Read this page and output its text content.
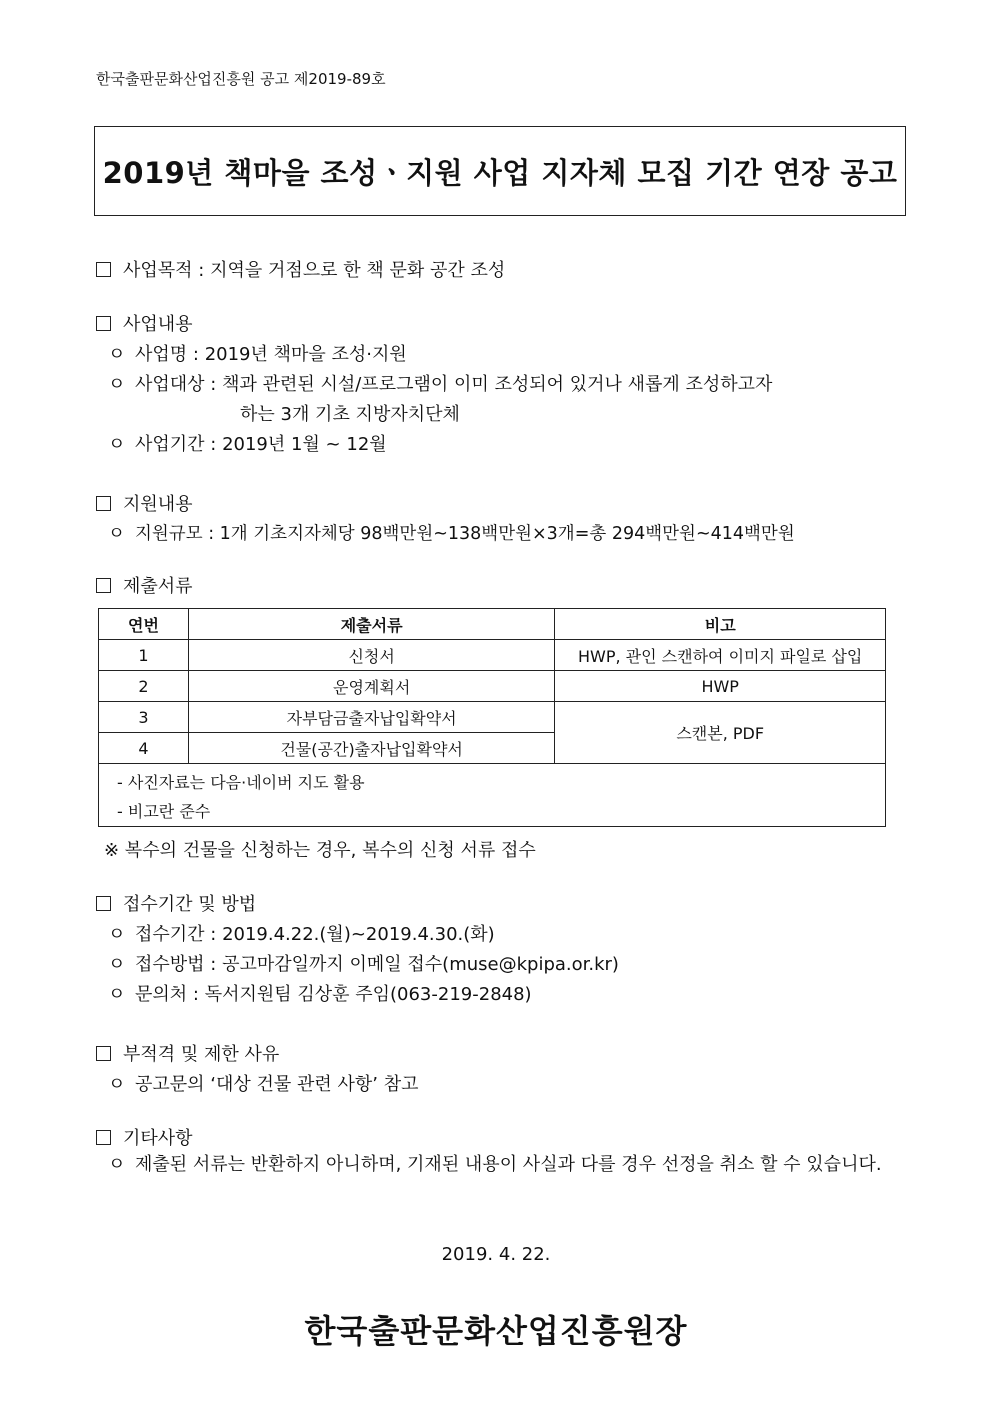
한국출판문화산업진흥원 공고 제2019-89호
2019년 책마을 조성ㆍ지원 사업 지자체 모집 기간 연장 공고
사업목적 : 지역을 거점으로 한 책 문화 공간 조성
사업내용
ㅇ 사업명 : 2019년 책마을 조성·지원
ㅇ 사업대상 : 책과 관련된 시설/프로그램이 이미 조성되어 있거나 새롭게 조성하고자
하는 3개 기초 지방자치단체
ㅇ 사업기간 : 2019년 1월 ~ 12월
지원내용
ㅇ 지원규모 : 1개 기초지자체당 98백만원~138백만원×3개=총 294백만원~414백만원
제출서류
연번	제출서류	비고
1	신청서	HWP, 관인 스캔하여 이미지 파일로 삽입
2	운영계획서	HWP
3	자부담금출자납입확약서	스캔본, PDF
4	건물(공간)출자납입확약서	

- 사진자료는 다음·네이버 지도 활용
- 비고란 준수		
※ 복수의 건물을 신청하는 경우, 복수의 신청 서류 접수
접수기간 및 방법
ㅇ 접수기간 : 2019.4.22.(월)~2019.4.30.(화)
ㅇ 접수방법 : 공고마감일까지 이메일 접수(muse@kpipa.or.kr)
ㅇ 문의처 : 독서지원팀 김상훈 주임(063-219-2848)
부적격 및 제한 사유
ㅇ 공고문의 ‘대상 건물 관련 사항’ 참고
기타사항
ㅇ 제출된 서류는 반환하지 아니하며, 기재된 내용이 사실과 다를 경우 선정을 취소 할 수 있습니다.
2019. 4. 22.
한국출판문화산업진흥원장
